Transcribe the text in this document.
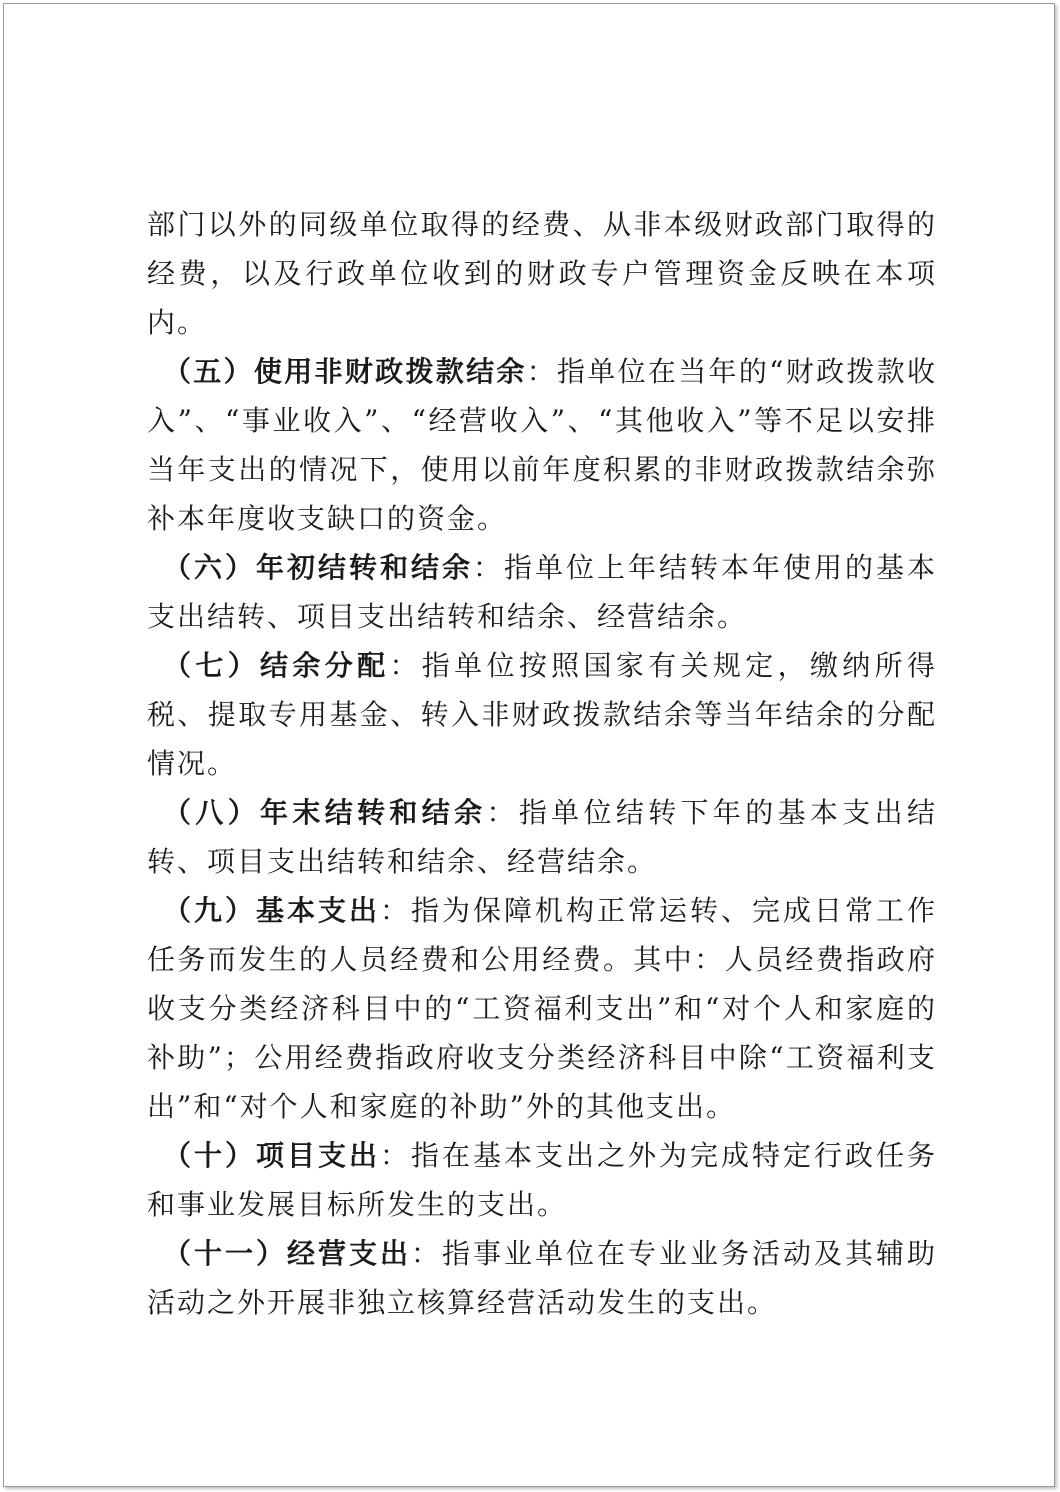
部门以外的同级单位取得的经费、从非本级财政部门取得的经费，以及行政单位收到的财政专户管理资金反映在本项内。

（五）使用非财政拨款结余：指单位在当年的“财政拨款收入”、“事业收入”、“经营收入”、“其他收入”等不足以安排当年支出的情况下，使用以前年度积累的非财政拨款结余弥补本年度收支缺口的资金。

（六）年初结转和结余：指单位上年结转本年使用的基本支出结转、项目支出结转和结余、经营结余。

（七）结余分配：指单位按照国家有关规定，缴纳所得税、提取专用基金、转入非财政拨款结余等当年结余的分配情况。

（八）年末结转和结余：指单位结转下年的基本支出结转、项目支出结转和结余、经营结余。

（九）基本支出：指为保障机构正常运转、完成日常工作任务而发生的人员经费和公用经费。其中：人员经费指政府收支分类经济科目中的“工资福利支出”和“对个人和家庭的补助”；公用经费指政府收支分类经济科目中除“工资福利支出”和“对个人和家庭的补助”外的其他支出。

（十）项目支出：指在基本支出之外为完成特定行政任务和事业发展目标所发生的支出。

（十一）经营支出：指事业单位在专业业务活动及其辅助活动之外开展非独立核算经营活动发生的支出。
